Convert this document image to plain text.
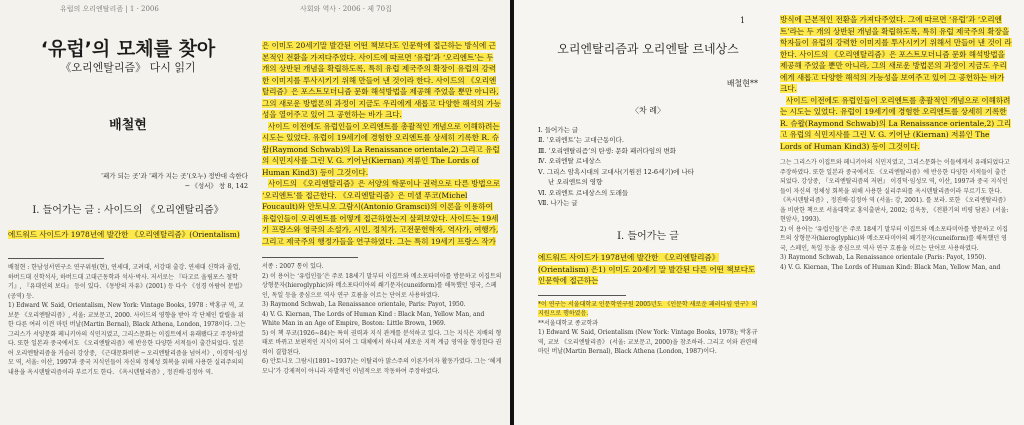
유럽의 오리엔탈리즘 | 1 · 2006	사회와 역사 · 2006 · 제 70집

‘유럽’의 모체를 찾아

《오리엔탈리즘》 다시 읽기

배철현

‘패가 되는 곳’과 ‘패가 지는 곳’(오누) 정반대 속한다

─ 《성서》 창 8, 142

Ⅰ. 들어가는 글 : 사이드의 《오리엔탈리즘》

에드워드 사이드가 1978년에 발간한 《오리엔탈리즘》(Orientalism)

배철현 : 한남성서연구소 연구위원(현), 연세대, 고려대, 서강대 출강. 연세대 신학과 졸업, 하버드대 신학석사, 하버드대 고대근동학과 석사·박사. 저서로는 『타고르 올림포스 철학기』, 『유대인의 보다』 등이 있다. 《동방의 자유》(2001) 등 다수 《성경 아람어 문법》(공역) 등.

1) Edward W. Said, Orientalism, New York: Vintage Books, 1978 : 박홍규 역, 교보문 《오리엔탈리즘》, 서울: 교보문고, 2000. 사이드의 영향을 받아 각 단체인 칼릴을 위한 다른 여러 이견 마틴 버날(Martin Bernal), Black Athena, London, 1978이다. 그는 그리스가 서양문화 페니키아의 식민지였고, 그리스문화는 이집트에서 유래됐다고 주장하였다. 또한 일본과 중국에서도 《오리엔탈리즘》에 반응한 다양한 서적들이 출간되었다. 일본어 오리엔탈리즘을 거슬러 강상중, 《근대문화비판 ─ 오리엔탈리즘을 넘어서》, 이경덕·임성모 역, 서울: 이산, 1997과 중국 지식인들이 자신의 정체성 회복을 위해 사용한 실리주의의 내용을 옥시덴탈리즘이라 부르기도 한다. 《옥시덴탈리즘》, 정진배·김정아 역.

은 이미도 20세기말 발간된 어떤 책보다도 인문학에 접근하는 방식에 근본적인 전환을 가져다주었다. 사이드에 따르면 ‘유럽’과 ‘오리엔트’는 두 개의 상반된 개념을 확립하도록, 특히 유럽 제국주의 확장이 유럽의 강력한 이미지를 투사시키기 위해 만들어 낸 것이라 한다. 사이드의 《오리엔탈리즘》은 포스트모더니즘 문화 해석방법을 제공해 주었을 뿐만 아니라, 그의 새로운 방법론의 과정이 지금도 우리에게 새롭고 다양한 해석의 가능성을 열어주고 있어 그 공헌하는 바가 크다.

사이드 이전에도 유럽인들이 오리엔트를 총괄적인 개념으로 이해하려는 시도는 있었다. 유럽이 19세기에 경험한 오리엔트를 상세히 기록한 R. 슈왑(Raymond Schwab)의 La Renaissance orientale,2) 그리고 유럽의 식민지사를 그린 V. G. 키어난(Kiernan) 저류인 The Lords of Human Kind3) 등이 그것이다.

사이드의 《오리엔탈리즘》은 서양의 학문이나 권력으로 다른 방법으로 ‘오리엔트’를 접근한다. 《오리엔탈리즘》은 미셀 푸코(Michel Foucault)와 안토니오 그람시(Antonio Gramsci)의 이론을 이용하여 유럽인들이 오리엔트를 어떻게 접근하였는지 살펴보았다. 사이드는 19세기 프랑스와 영국의 소설가, 시인, 정치가, 고전문헌학자, 역사가, 여행가, 그리고 제국주의 행정가들을 연구하였다. 그는 특히 19세기 프랑스 작가

서종 : 2007 통이 있다.

2) 이 용어는 ‘유럽인들’은 주로 18세기 말부터 이집트와 메소포타미아를 방문하고 이집트의 상형문자(hieroglyphic)와 메소포타미아의 쐐기문자(cuneiform)를 해독했던 영국, 스페인, 독일 등을 중심으로 역사 연구 흐름을 이르는 단어로 사용하였다.

3) Raymond Schwab, La Renaissance orientale, Paris: Payot, 1950.

4) V. G. Kiernan, The Lords of Human Kind : Black Man, Yellow Man, and White Man in an Age of Empire, Boston: Little Brown, 1969.

5) 이 책 푸코(1926~84)는 특히 권력과 지식 관계를 분석하고 있다. 그는 지식은 지배의 형태로 바뀌고 보편적인 지식이 되어 그 대체에서 하나의 새로운 지적 계급 영역을 형성한다 권력이 결합된다.

6) 안토니오 그람시(1891~1937)는 이탈리아 맑스주의 이론가이자 활동가였다. 그는 ‘헤게모니’가 강제적이 아니라 자발적인 이념적으로 작동하여 주장하였다.

1

오리엔탈리즘과 오리엔탈 르네상스

배철현**

〈차 례〉

Ⅰ. 들어가는 글

Ⅱ. ‘오리엔트’는 고대근동이다.

Ⅲ. ‘오리엔탈리즘’의 탄생: 문화 패러다임의 변화

Ⅳ. 오리엔탈 르네상스

Ⅴ. 그리스 암흑시대의 고대사(기원전 12-6세기)에 나타

난 오리엔트의 영향

Ⅵ. 오리엔트 르네상스의 도래들

Ⅶ. 나가는 글

Ⅰ. 들어가는 글

에드워드 사이드가 1978년에 발간한 《오리엔탈리즘》(Orientalism) 은1) 이미도 20세기 말 발간된 다른 어떤 책보다도 인문학에 접근하는

*이 연구는 서울대학교 인문학연구원 2005년도 《인문학 새로운 패러다임 연구》의 지원으로 행하였음.

**서울대학교 종교학과

1) Edward W. Said, Orientalism (New York: Vintage Books, 1978); 박홍규 역, 교보 《오리엔탈리즘》 (서울: 교보문고, 2000)을 참조하라. 그리고 이와 관련해 마틴 버날(Martin Bernal), Black Athena (London, 1987)이다.

방식에 근본적인 전환을 가져다주었다. 그에 따르면 ‘유럽’과 ‘오리엔트’라는 두 개의 상반된 개념을 확립하도록, 특히 유럽 제국주의 확장을 학자들이 유럽의 강력한 이미지를 투사시키기 위해서 만들어 낸 것이 라 한다. 사이드의 《오리엔탈리즘》은 포스트모더니즘 문화 해석방법을 제공해 주었을 뿐만 아니라, 그의 새로운 방법론의 과정이 지금도 우리에게 새롭고 다양한 해석의 가능성을 보여주고 있어 그 공헌하는 바가 크다.

사이드 이전에도 유럽인들이 오리엔트를 총괄적인 개념으로 이해하려는 시도는 있었다. 유럽이 19세기에 경험한 오리엔트를 상세히 기록한 R. 슈왑(Raymond Schwab)의 La Renaissance orientale,2) 그리고 유럽의 식민지사를 그린 V. G. 키어난 (Kiernan) 저류인 The Lords of Human Kind3) 등이 그것이다.

그는 그리스가 이집트와 페니키아의 식민지였고, 그리스문화는 이들에게서 유래되었다고 주장하였다. 또한 일본과 중국에서도 《오리엔탈리즘》에 반응한 다양한 서적들이 출간되었다. 강상중, 『오리엔탈리즘의 저편』 이경덕·임성모 역, 이산, 1997과 중국 지식인들이 자신의 정체성 회복을 위해 사용한 실리주의를 옥시덴탈리즘이라 부르기도 한다. 《옥시덴탈리즘》, 정진배·김정아 역 (서울: 강, 2001). 를 보라. 또한 《오리엔탈리즘》을 비판한 책으로 서울대학교 홍익출판사, 2002; 김욱동, 《전환기의 비평 담론》(서울: 현암사, 1993).

2) 이 용어는 ‘유럽인들’은 주로 18세기 말부터 이집트와 메소포타미아를 방문하고 이집트의 상형문자(hieroglyphic)와 메소포타미아의 쐐기문자(cuneiform)를 해독했던 영국, 스페인, 독일 등을 중심으로 역사 연구 흐름을 이르는 단어로 사용하였다.

3) Raymond Schwab, La Renaissance orientale (Paris: Payot, 1950).

4) V. G. Kiernan, The Lords of Human Kind: Black Man, Yellow Man, and
